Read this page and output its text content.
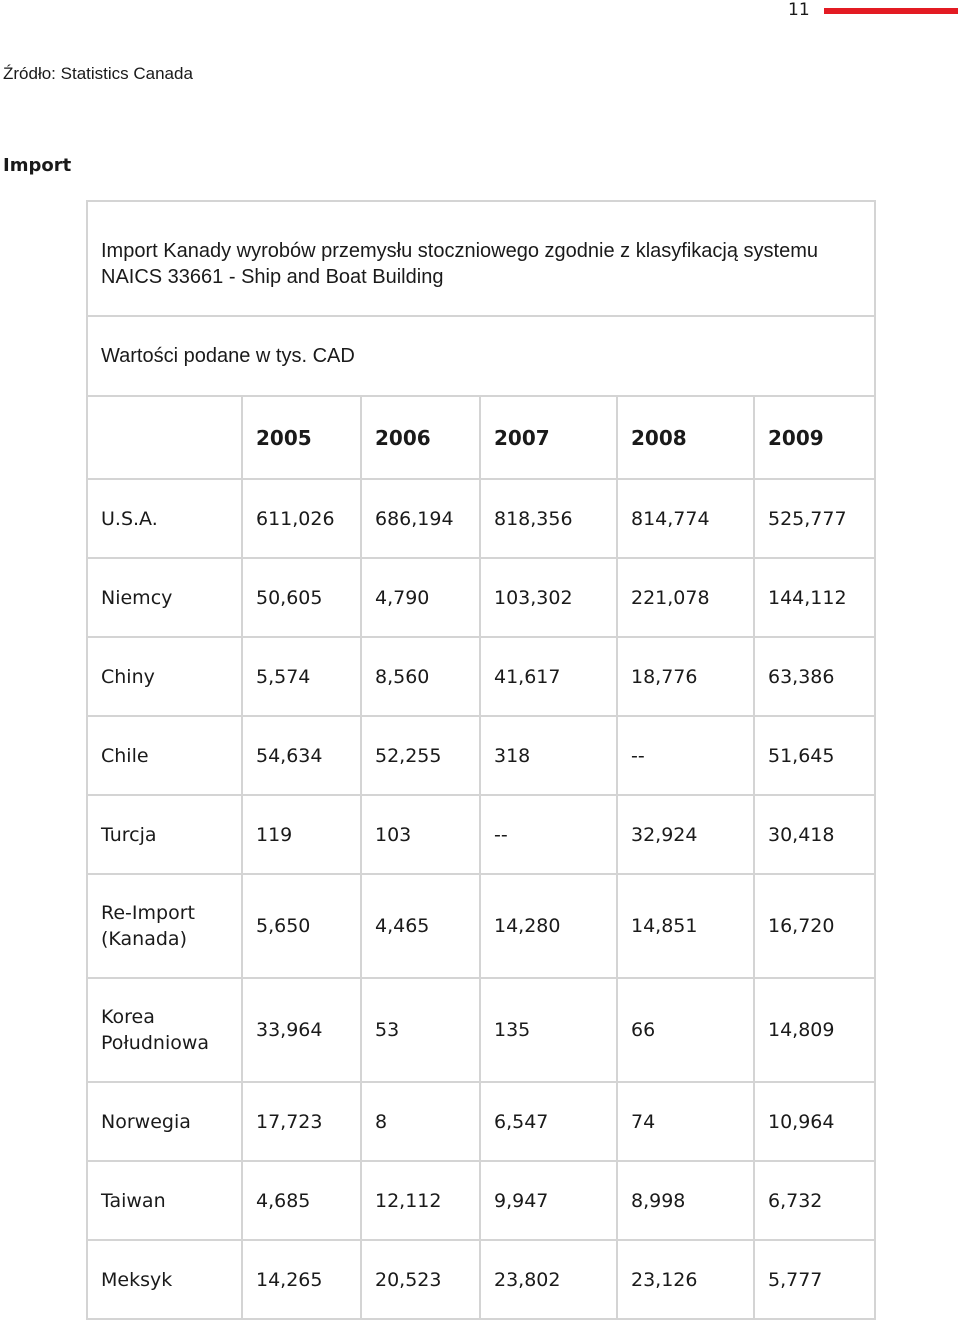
11
Źródło: Statistics Canada
Import
Import Kanady wyrobów przemysłu stoczniowego zgodnie z klasyfikacją systemu NAICS 33661 - Ship and Boat Building					
Wartości podane w tys. CAD					
	2005	2006	2007	2008	2009
U.S.A.	611,026	686,194	818,356	814,774	525,777
Niemcy	50,605	4,790	103,302	221,078	144,112
Chiny	5,574	8,560	41,617	18,776	63,386
Chile	54,634	52,255	318	--	51,645
Turcja	119	103	--	32,924	30,418
Re-Import (Kanada)	5,650	4,465	14,280	14,851	16,720
Korea Południowa	33,964	53	135	66	14,809
Norwegia	17,723	8	6,547	74	10,964
Taiwan	4,685	12,112	9,947	8,998	6,732
Meksyk	14,265	20,523	23,802	23,126	5,777
